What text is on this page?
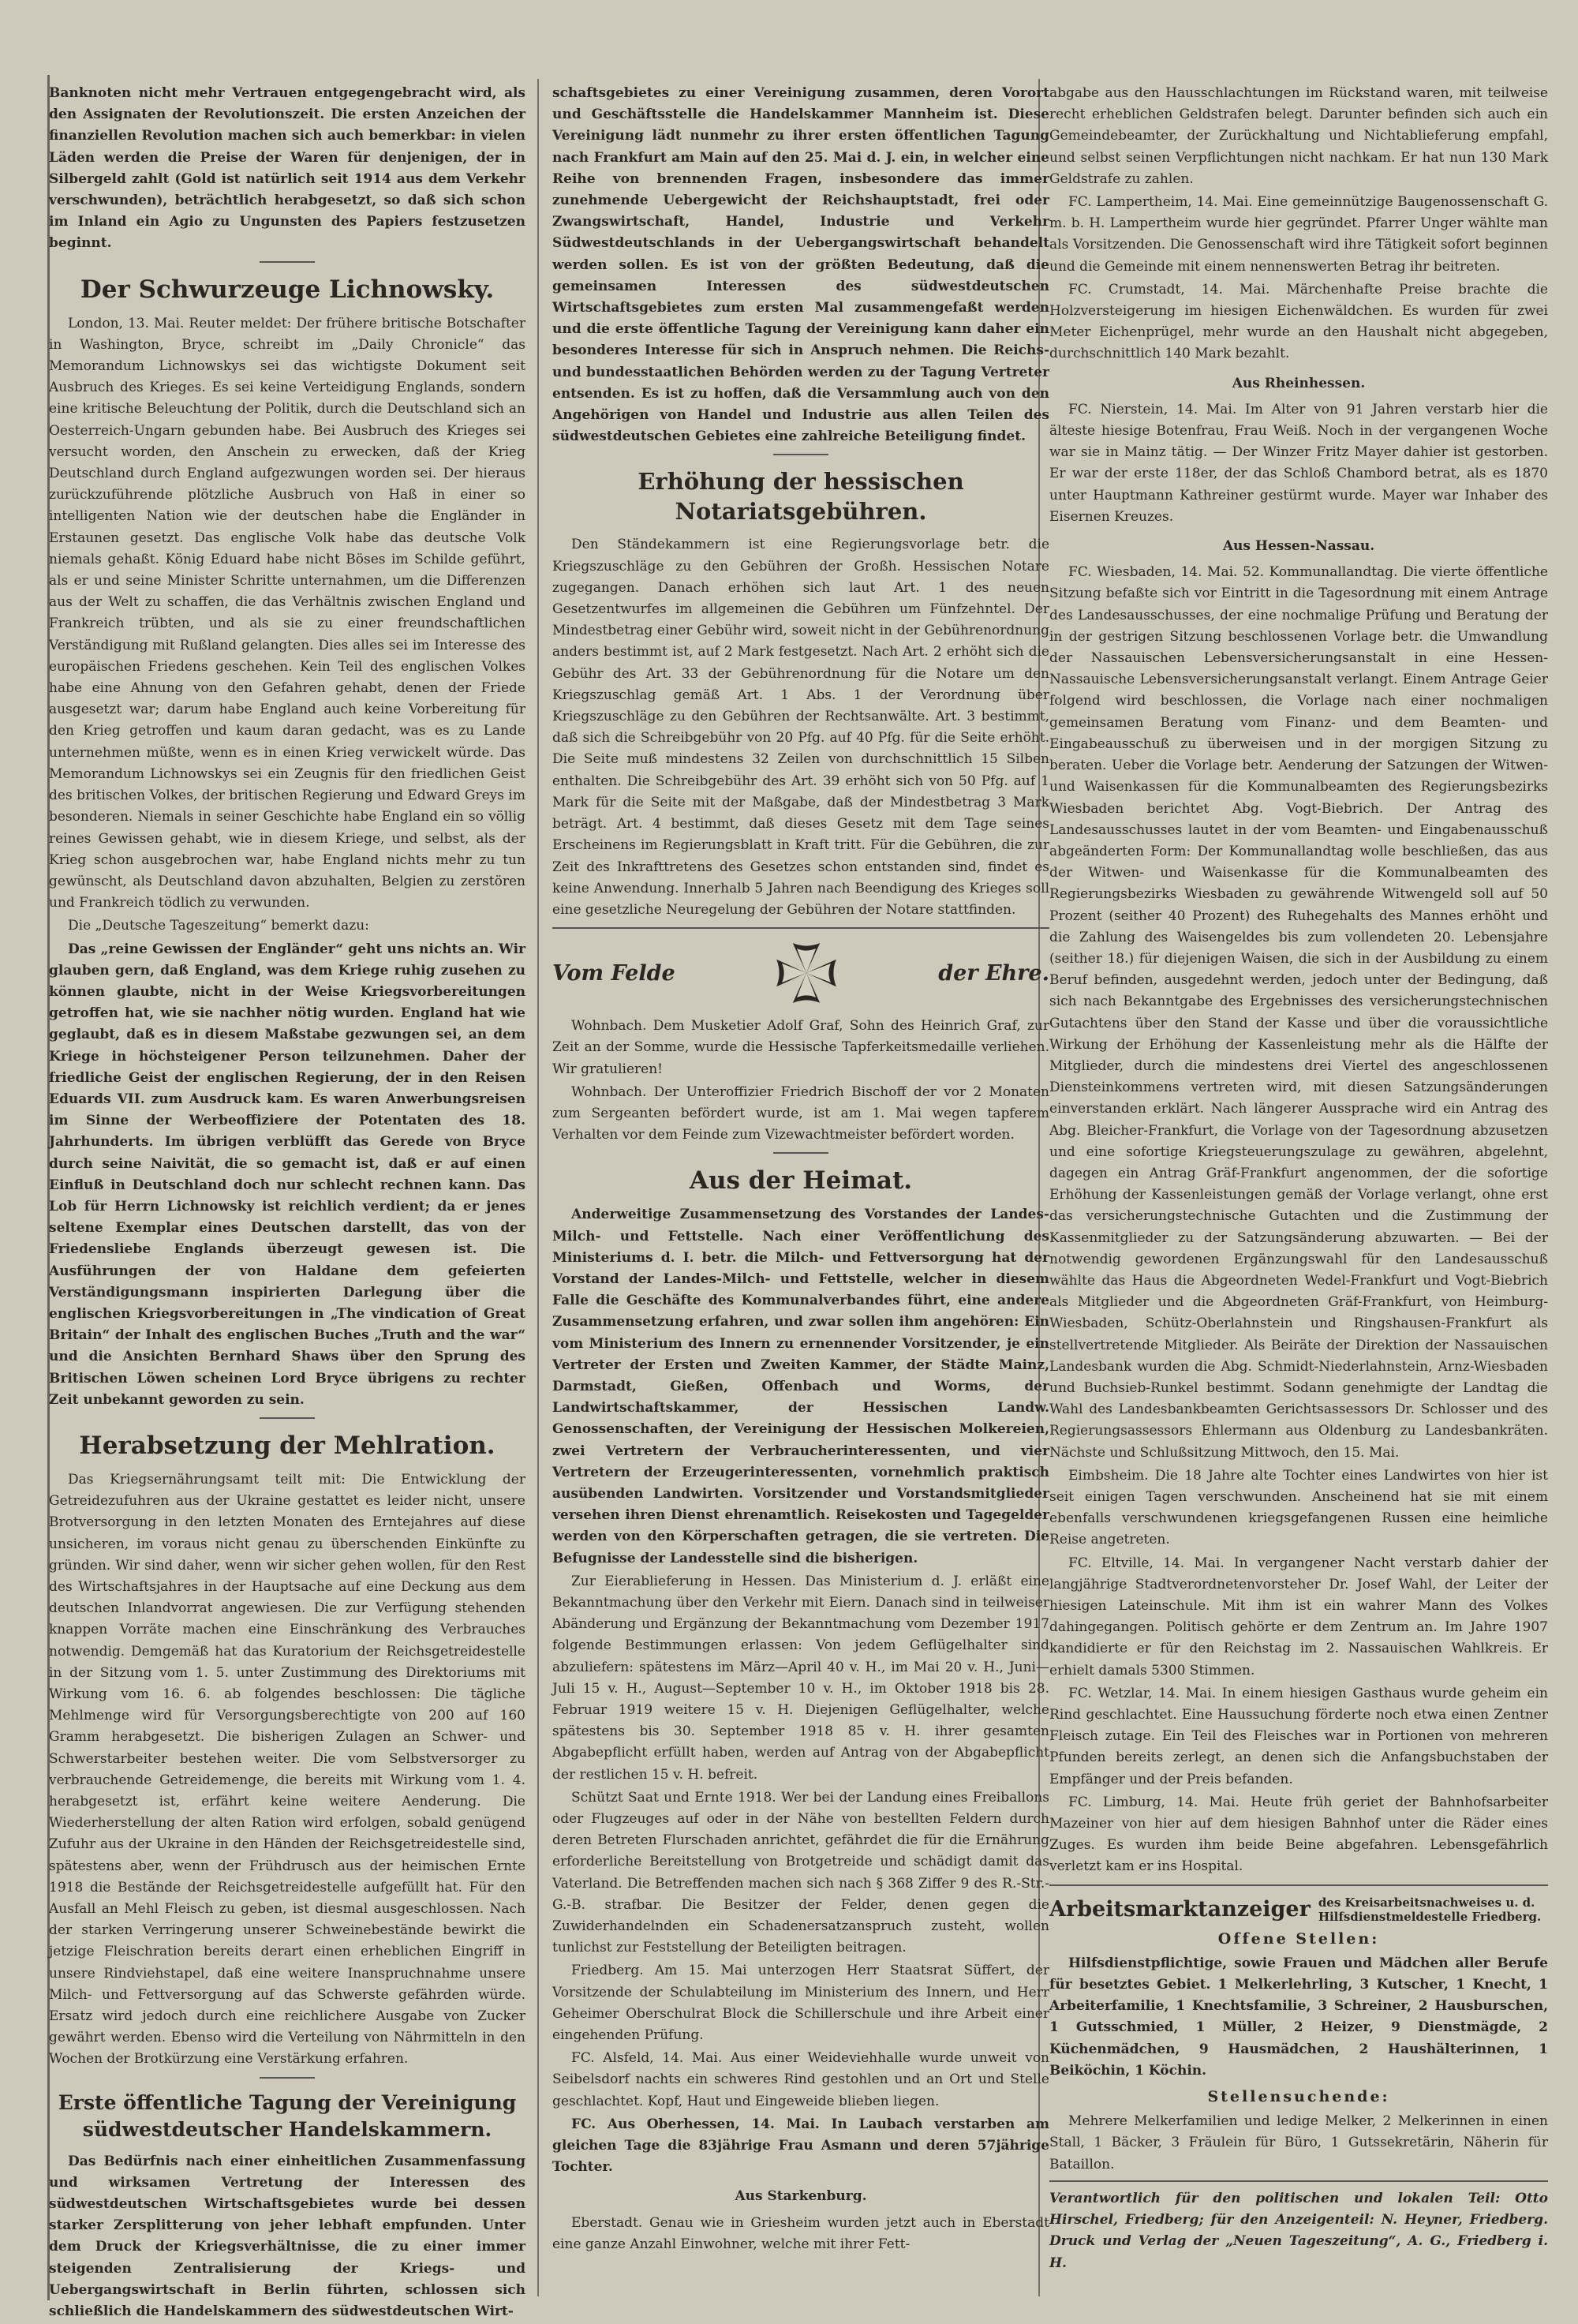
Banknoten nicht mehr Vertrauen entgegengebracht wird, als den Assignaten der Revolutionszeit. Die ersten Anzeichen der finanziellen Revolution machen sich auch bemerkbar: in vielen Läden werden die Preise der Waren für denjenigen, der in Silbergeld zahlt (Gold ist natürlich seit 1914 aus dem Verkehr verschwunden), beträchtlich herabgesetzt, so daß sich schon im Inland ein Agio zu Ungunsten des Papiers festzusetzen beginnt.

Der Schwurzeuge Lichnowsky.

London, 13. Mai. Reuter meldet: Der frühere britische Botschafter in Washington, Bryce, schreibt im „Daily Chronicle“ das Memorandum Lichnowskys sei das wichtigste Dokument seit Ausbruch des Krieges. Es sei keine Verteidigung Englands, sondern eine kritische Beleuchtung der Politik, durch die Deutschland sich an Oesterreich-Ungarn gebunden habe. Bei Ausbruch des Krieges sei versucht worden, den Anschein zu erwecken, daß der Krieg Deutschland durch England aufgezwungen worden sei. Der hieraus zurückzuführende plötzliche Ausbruch von Haß in einer so intelligenten Nation wie der deutschen habe die Engländer in Erstaunen gesetzt. Das englische Volk habe das deutsche Volk niemals gehaßt. König Eduard habe nicht Böses im Schilde geführt, als er und seine Minister Schritte unternahmen, um die Differenzen aus der Welt zu schaffen, die das Verhältnis zwischen England und Frankreich trübten, und als sie zu einer freundschaftlichen Verständigung mit Rußland gelangten. Dies alles sei im Interesse des europäischen Friedens geschehen. Kein Teil des englischen Volkes habe eine Ahnung von den Gefahren gehabt, denen der Friede ausgesetzt war; darum habe England auch keine Vorbereitung für den Krieg getroffen und kaum daran gedacht, was es zu Lande unternehmen müßte, wenn es in einen Krieg verwickelt würde. Das Memorandum Lichnowskys sei ein Zeugnis für den friedlichen Geist des britischen Volkes, der britischen Regierung und Edward Greys im besonderen. Niemals in seiner Geschichte habe England ein so völlig reines Gewissen gehabt, wie in diesem Kriege, und selbst, als der Krieg schon ausgebrochen war, habe England nichts mehr zu tun gewünscht, als Deutschland davon abzuhalten, Belgien zu zerstören und Frankreich tödlich zu verwunden.

Die „Deutsche Tageszeitung“ bemerkt dazu:

Das „reine Gewissen der Engländer“ geht uns nichts an. Wir glauben gern, daß England, was dem Kriege ruhig zusehen zu können glaubte, nicht in der Weise Kriegsvorbereitungen getroffen hat, wie sie nachher nötig wurden. England hat wie geglaubt, daß es in diesem Maßstabe gezwungen sei, an dem Kriege in höchsteigener Person teilzunehmen. Daher der friedliche Geist der englischen Regierung, der in den Reisen Eduards VII. zum Ausdruck kam. Es waren Anwerbungsreisen im Sinne der Werbeoffiziere der Potentaten des 18. Jahrhunderts. Im übrigen verblüfft das Gerede von Bryce durch seine Naivität, die so gemacht ist, daß er auf einen Einfluß in Deutschland doch nur schlecht rechnen kann. Das Lob für Herrn Lichnowsky ist reichlich verdient; da er jenes seltene Exemplar eines Deutschen darstellt, das von der Friedensliebe Englands überzeugt gewesen ist. Die Ausführungen der von Haldane dem gefeierten Verständigungsmann inspirierten Darlegung über die englischen Kriegsvorbereitungen in „The vindication of Great Britain“ der Inhalt des englischen Buches „Truth and the war“ und die Ansichten Bernhard Shaws über den Sprung des Britischen Löwen scheinen Lord Bryce übrigens zu rechter Zeit unbekannt geworden zu sein.

Herabsetzung der Mehlration.

Das Kriegsernährungsamt teilt mit: Die Entwicklung der Getreidezufuhren aus der Ukraine gestattet es leider nicht, unsere Brotversorgung in den letzten Monaten des Erntejahres auf diese unsicheren, im voraus nicht genau zu überschenden Einkünfte zu gründen. Wir sind daher, wenn wir sicher gehen wollen, für den Rest des Wirtschaftsjahres in der Hauptsache auf eine Deckung aus dem deutschen Inlandvorrat angewiesen. Die zur Verfügung stehenden knappen Vorräte machen eine Einschränkung des Verbrauches notwendig. Demgemäß hat das Kuratorium der Reichsgetreidestelle in der Sitzung vom 1. 5. unter Zustimmung des Direktoriums mit Wirkung vom 16. 6. ab folgendes beschlossen: Die tägliche Mehlmenge wird für Versorgungsberechtigte von 200 auf 160 Gramm herabgesetzt. Die bisherigen Zulagen an Schwer- und Schwerstarbeiter bestehen weiter. Die vom Selbstversorger zu verbrauchende Getreidemenge, die bereits mit Wirkung vom 1. 4. herabgesetzt ist, erfährt keine weitere Aenderung. Die Wiederherstellung der alten Ration wird erfolgen, sobald genügend Zufuhr aus der Ukraine in den Händen der Reichsgetreidestelle sind, spätestens aber, wenn der Frühdrusch aus der heimischen Ernte 1918 die Bestände der Reichsgetreidestelle aufgefüllt hat. Für den Ausfall an Mehl Fleisch zu geben, ist diesmal ausgeschlossen. Nach der starken Verringerung unserer Schweinebestände bewirkt die jetzige Fleischration bereits derart einen erheblichen Eingriff in unsere Rindviehstapel, daß eine weitere Inanspruchnahme unsere Milch- und Fettversorgung auf das Schwerste gefährden würde. Ersatz wird jedoch durch eine reichlichere Ausgabe von Zucker gewährt werden. Ebenso wird die Verteilung von Nährmitteln in den Wochen der Brotkürzung eine Verstärkung erfahren.

Erste öffentliche Tagung der Vereinigung südwestdeutscher Handelskammern.

Das Bedürfnis nach einer einheitlichen Zusammenfassung und wirksamen Vertretung der Interessen des südwestdeutschen Wirtschaftsgebietes wurde bei dessen starker Zersplitterung von jeher lebhaft empfunden. Unter dem Druck der Kriegsverhältnisse, die zu einer immer steigenden Zentralisierung der Kriegs- und Uebergangswirtschaft in Berlin führten, schlossen sich schließlich die Handelskammern des südwestdeutschen Wirt-

schaftsgebietes zu einer Vereinigung zusammen, deren Vorort und Geschäftsstelle die Handelskammer Mannheim ist. Diese Vereinigung lädt nunmehr zu ihrer ersten öffentlichen Tagung nach Frankfurt am Main auf den 25. Mai d. J. ein, in welcher eine Reihe von brennenden Fragen, insbesondere das immer zunehmende Uebergewicht der Reichshauptstadt, frei oder Zwangswirtschaft, Handel, Industrie und Verkehr Südwestdeutschlands in der Uebergangswirtschaft behandelt werden sollen. Es ist von der größten Bedeutung, daß die gemeinsamen Interessen des südwestdeutschen Wirtschaftsgebietes zum ersten Mal zusammengefaßt werden und die erste öffentliche Tagung der Vereinigung kann daher ein besonderes Interesse für sich in Anspruch nehmen. Die Reichs- und bundesstaatlichen Behörden werden zu der Tagung Vertreter entsenden. Es ist zu hoffen, daß die Versammlung auch von den Angehörigen von Handel und Industrie aus allen Teilen des südwestdeutschen Gebietes eine zahlreiche Beteiligung findet.

Erhöhung der hessischen Notariatsgebühren.

Den Ständekammern ist eine Regierungsvorlage betr. die Kriegszuschläge zu den Gebühren der Großh. Hessischen Notare zugegangen. Danach erhöhen sich laut Art. 1 des neuen Gesetzentwurfes im allgemeinen die Gebühren um Fünfzehntel. Der Mindestbetrag einer Gebühr wird, soweit nicht in der Gebührenordnung anders bestimmt ist, auf 2 Mark festgesetzt. Nach Art. 2 erhöht sich die Gebühr des Art. 33 der Gebührenordnung für die Notare um den Kriegszuschlag gemäß Art. 1 Abs. 1 der Verordnung über Kriegszuschläge zu den Gebühren der Rechtsanwälte. Art. 3 bestimmt, daß sich die Schreibgebühr von 20 Pfg. auf 40 Pfg. für die Seite erhöht. Die Seite muß mindestens 32 Zeilen von durchschnittlich 15 Silben enthalten. Die Schreibgebühr des Art. 39 erhöht sich von 50 Pfg. auf 1 Mark für die Seite mit der Maßgabe, daß der Mindestbetrag 3 Mark beträgt. Art. 4 bestimmt, daß dieses Gesetz mit dem Tage seines Erscheinens im Regierungsblatt in Kraft tritt. Für die Gebühren, die zur Zeit des Inkrafttretens des Gesetzes schon entstanden sind, findet es keine Anwendung. Innerhalb 5 Jahren nach Beendigung des Krieges soll eine gesetzliche Neuregelung der Gebühren der Notare stattfinden.

Vom Felde	der Ehre.

Wohnbach. Dem Musketier Adolf Graf, Sohn des Heinrich Graf, zur Zeit an der Somme, wurde die Hessische Tapferkeitsmedaille verliehen. Wir gratulieren!

Wohnbach. Der Unteroffizier Friedrich Bischoff der vor 2 Monaten zum Sergeanten befördert wurde, ist am 1. Mai wegen tapferem Verhalten vor dem Feinde zum Vizewachtmeister befördert worden.

Aus der Heimat.

Anderweitige Zusammensetzung des Vorstandes der Landes-Milch- und Fettstelle. Nach einer Veröffentlichung des Ministeriums d. I. betr. die Milch- und Fettversorgung hat der Vorstand der Landes-Milch- und Fettstelle, welcher in diesem Falle die Geschäfte des Kommunalverbandes führt, eine andere Zusammensetzung erfahren, und zwar sollen ihm angehören: Ein vom Ministerium des Innern zu ernennender Vorsitzender, je ein Vertreter der Ersten und Zweiten Kammer, der Städte Mainz, Darmstadt, Gießen, Offenbach und Worms, der Landwirtschaftskammer, der Hessischen Landw. Genossenschaften, der Vereinigung der Hessischen Molkereien, zwei Vertretern der Verbraucherinteressenten, und vier Vertretern der Erzeugerinteressenten, vornehmlich praktisch ausübenden Landwirten. Vorsitzender und Vorstandsmitglieder versehen ihren Dienst ehrenamtlich. Reisekosten und Tagegelder werden von den Körperschaften getragen, die sie vertreten. Die Befugnisse der Landesstelle sind die bisherigen.

Zur Eierablieferung in Hessen. Das Ministerium d. J. erläßt eine Bekanntmachung über den Verkehr mit Eiern. Danach sind in teilweiser Abänderung und Ergänzung der Bekanntmachung vom Dezember 1917 folgende Bestimmungen erlassen: Von jedem Geflügelhalter sind abzuliefern: spätestens im März—April 40 v. H., im Mai 20 v. H., Juni—Juli 15 v. H., August—September 10 v. H., im Oktober 1918 bis 28. Februar 1919 weitere 15 v. H. Diejenigen Geflügelhalter, welche spätestens bis 30. September 1918 85 v. H. ihrer gesamten Abgabepflicht erfüllt haben, werden auf Antrag von der Abgabepflicht der restlichen 15 v. H. befreit.

Schützt Saat und Ernte 1918. Wer bei der Landung eines Freiballons oder Flugzeuges auf oder in der Nähe von bestellten Feldern durch deren Betreten Flurschaden anrichtet, gefährdet die für die Ernährung erforderliche Bereitstellung von Brotgetreide und schädigt damit das Vaterland. Die Betreffenden machen sich nach § 368 Ziffer 9 des R.-Str.-G.-B. strafbar. Die Besitzer der Felder, denen gegen die Zuwiderhandelnden ein Schadenersatzanspruch zusteht, wollen tunlichst zur Feststellung der Beteiligten beitragen.

Friedberg. Am 15. Mai unterzogen Herr Staatsrat Süffert, der Vorsitzende der Schulabteilung im Ministerium des Innern, und Herr Geheimer Oberschulrat Block die Schillerschule und ihre Arbeit einer eingehenden Prüfung.

FC. Alsfeld, 14. Mai. Aus einer Weideviehhalle wurde unweit von Seibelsdorf nachts ein schweres Rind gestohlen und an Ort und Stelle geschlachtet. Kopf, Haut und Eingeweide blieben liegen.

FC. Aus Oberhessen, 14. Mai. In Laubach verstarben am gleichen Tage die 83jährige Frau Asmann und deren 57jährige Tochter.

Aus Starkenburg.

Eberstadt. Genau wie in Griesheim wurden jetzt auch in Eberstadt eine ganze Anzahl Einwohner, welche mit ihrer Fett-

abgabe aus den Hausschlachtungen im Rückstand waren, mit teilweise recht erheblichen Geldstrafen belegt. Darunter befinden sich auch ein Gemeindebeamter, der Zurückhaltung und Nichtablieferung empfahl, und selbst seinen Verpflichtungen nicht nachkam. Er hat nun 130 Mark Geldstrafe zu zahlen.

FC. Lampertheim, 14. Mai. Eine gemeinnützige Baugenossenschaft G. m. b. H. Lampertheim wurde hier gegründet. Pfarrer Unger wählte man als Vorsitzenden. Die Genossenschaft wird ihre Tätigkeit sofort beginnen und die Gemeinde mit einem nennenswerten Betrag ihr beitreten.

FC. Crumstadt, 14. Mai. Märchenhafte Preise brachte die Holzversteigerung im hiesigen Eichenwäldchen. Es wurden für zwei Meter Eichenprügel, mehr wurde an den Haushalt nicht abgegeben, durchschnittlich 140 Mark bezahlt.

Aus Rheinhessen.

FC. Nierstein, 14. Mai. Im Alter von 91 Jahren verstarb hier die älteste hiesige Botenfrau, Frau Weiß. Noch in der vergangenen Woche war sie in Mainz tätig. — Der Winzer Fritz Mayer dahier ist gestorben. Er war der erste 118er, der das Schloß Chambord betrat, als es 1870 unter Hauptmann Kathreiner gestürmt wurde. Mayer war Inhaber des Eisernen Kreuzes.

Aus Hessen-Nassau.

FC. Wiesbaden, 14. Mai. 52. Kommunallandtag. Die vierte öffentliche Sitzung befaßte sich vor Eintritt in die Tagesordnung mit einem Antrage des Landesausschusses, der eine nochmalige Prüfung und Beratung der in der gestrigen Sitzung beschlossenen Vorlage betr. die Umwandlung der Nassauischen Lebensversicherungsanstalt in eine Hessen-Nassauische Lebensversicherungsanstalt verlangt. Einem Antrage Geier folgend wird beschlossen, die Vorlage nach einer nochmaligen gemeinsamen Beratung vom Finanz- und dem Beamten- und Eingabeausschuß zu überweisen und in der morgigen Sitzung zu beraten. Ueber die Vorlage betr. Aenderung der Satzungen der Witwen- und Waisenkassen für die Kommunalbeamten des Regierungsbezirks Wiesbaden berichtet Abg. Vogt-Biebrich. Der Antrag des Landesausschusses lautet in der vom Beamten- und Eingabenausschuß abgeänderten Form: Der Kommunallandtag wolle beschließen, das aus der Witwen- und Waisenkasse für die Kommunalbeamten des Regierungsbezirks Wiesbaden zu gewährende Witwengeld soll auf 50 Prozent (seither 40 Prozent) des Ruhegehalts des Mannes erhöht und die Zahlung des Waisengeldes bis zum vollendeten 20. Lebensjahre (seither 18.) für diejenigen Waisen, die sich in der Ausbildung zu einem Beruf befinden, ausgedehnt werden, jedoch unter der Bedingung, daß sich nach Bekanntgabe des Ergebnisses des versicherungstechnischen Gutachtens über den Stand der Kasse und über die voraussichtliche Wirkung der Erhöhung der Kassenleistung mehr als die Hälfte der Mitglieder, durch die mindestens drei Viertel des angeschlossenen Diensteinkommens vertreten wird, mit diesen Satzungsänderungen einverstanden erklärt. Nach längerer Aussprache wird ein Antrag des Abg. Bleicher-Frankfurt, die Vorlage von der Tagesordnung abzusetzen und eine sofortige Kriegsteuerungszulage zu gewähren, abgelehnt, dagegen ein Antrag Gräf-Frankfurt angenommen, der die sofortige Erhöhung der Kassenleistungen gemäß der Vorlage verlangt, ohne erst das versicherungstechnische Gutachten und die Zustimmung der Kassenmitglieder zu der Satzungsänderung abzuwarten. — Bei der notwendig gewordenen Ergänzungswahl für den Landesausschuß wählte das Haus die Abgeordneten Wedel-Frankfurt und Vogt-Biebrich als Mitglieder und die Abgeordneten Gräf-Frankfurt, von Heimburg-Wiesbaden, Schütz-Oberlahnstein und Ringshausen-Frankfurt als stellvertretende Mitglieder. Als Beiräte der Direktion der Nassauischen Landesbank wurden die Abg. Schmidt-Niederlahnstein, Arnz-Wiesbaden und Buchsieb-Runkel bestimmt. Sodann genehmigte der Landtag die Wahl des Landesbankbeamten Gerichtsassessors Dr. Schlosser und des Regierungsassessors Ehlermann aus Oldenburg zu Landesbankräten. Nächste und Schlußsitzung Mittwoch, den 15. Mai.

Eimbsheim. Die 18 Jahre alte Tochter eines Landwirtes von hier ist seit einigen Tagen verschwunden. Anscheinend hat sie mit einem ebenfalls verschwundenen kriegsgefangenen Russen eine heimliche Reise angetreten.

FC. Eltville, 14. Mai. In vergangener Nacht verstarb dahier der langjährige Stadtverordnetenvorsteher Dr. Josef Wahl, der Leiter der hiesigen Lateinschule. Mit ihm ist ein wahrer Mann des Volkes dahingegangen. Politisch gehörte er dem Zentrum an. Im Jahre 1907 kandidierte er für den Reichstag im 2. Nassauischen Wahlkreis. Er erhielt damals 5300 Stimmen.

FC. Wetzlar, 14. Mai. In einem hiesigen Gasthaus wurde geheim ein Rind geschlachtet. Eine Haussuchung förderte noch etwa einen Zentner Fleisch zutage. Ein Teil des Fleisches war in Portionen von mehreren Pfunden bereits zerlegt, an denen sich die Anfangsbuchstaben der Empfänger und der Preis befanden.

FC. Limburg, 14. Mai. Heute früh geriet der Bahnhofsarbeiter Mazeiner von hier auf dem hiesigen Bahnhof unter die Räder eines Zuges. Es wurden ihm beide Beine abgefahren. Lebensgefährlich verletzt kam er ins Hospital.

Arbeitsmarktanzeiger des Kreisarbeitsnachweises u. d.
Hilfsdienstmeldestelle Friedberg.
Offene Stellen:

Hilfsdienstpflichtige, sowie Frauen und Mädchen aller Berufe für besetztes Gebiet. 1 Melkerlehrling, 3 Kutscher, 1 Knecht, 1 Arbeiterfamilie, 1 Knechtsfamilie, 3 Schreiner, 2 Hausburschen, 1 Gutsschmied, 1 Müller, 2 Heizer, 9 Dienstmägde, 2 Küchenmädchen, 9 Hausmädchen, 2 Haushälterinnen, 1 Beiköchin, 1 Köchin.

Stellensuchende:

Mehrere Melkerfamilien und ledige Melker, 2 Melkerinnen in einen Stall, 1 Bäcker, 3 Fräulein für Büro, 1 Gutssekretärin, Näherin für Bataillon.

Verantwortlich für den politischen und lokalen Teil: Otto Hirschel, Friedberg; für den Anzeigenteil: N. Heyner, Friedberg. Druck und Verlag der „Neuen Tageszeitung“, A. G., Friedberg i. H.
